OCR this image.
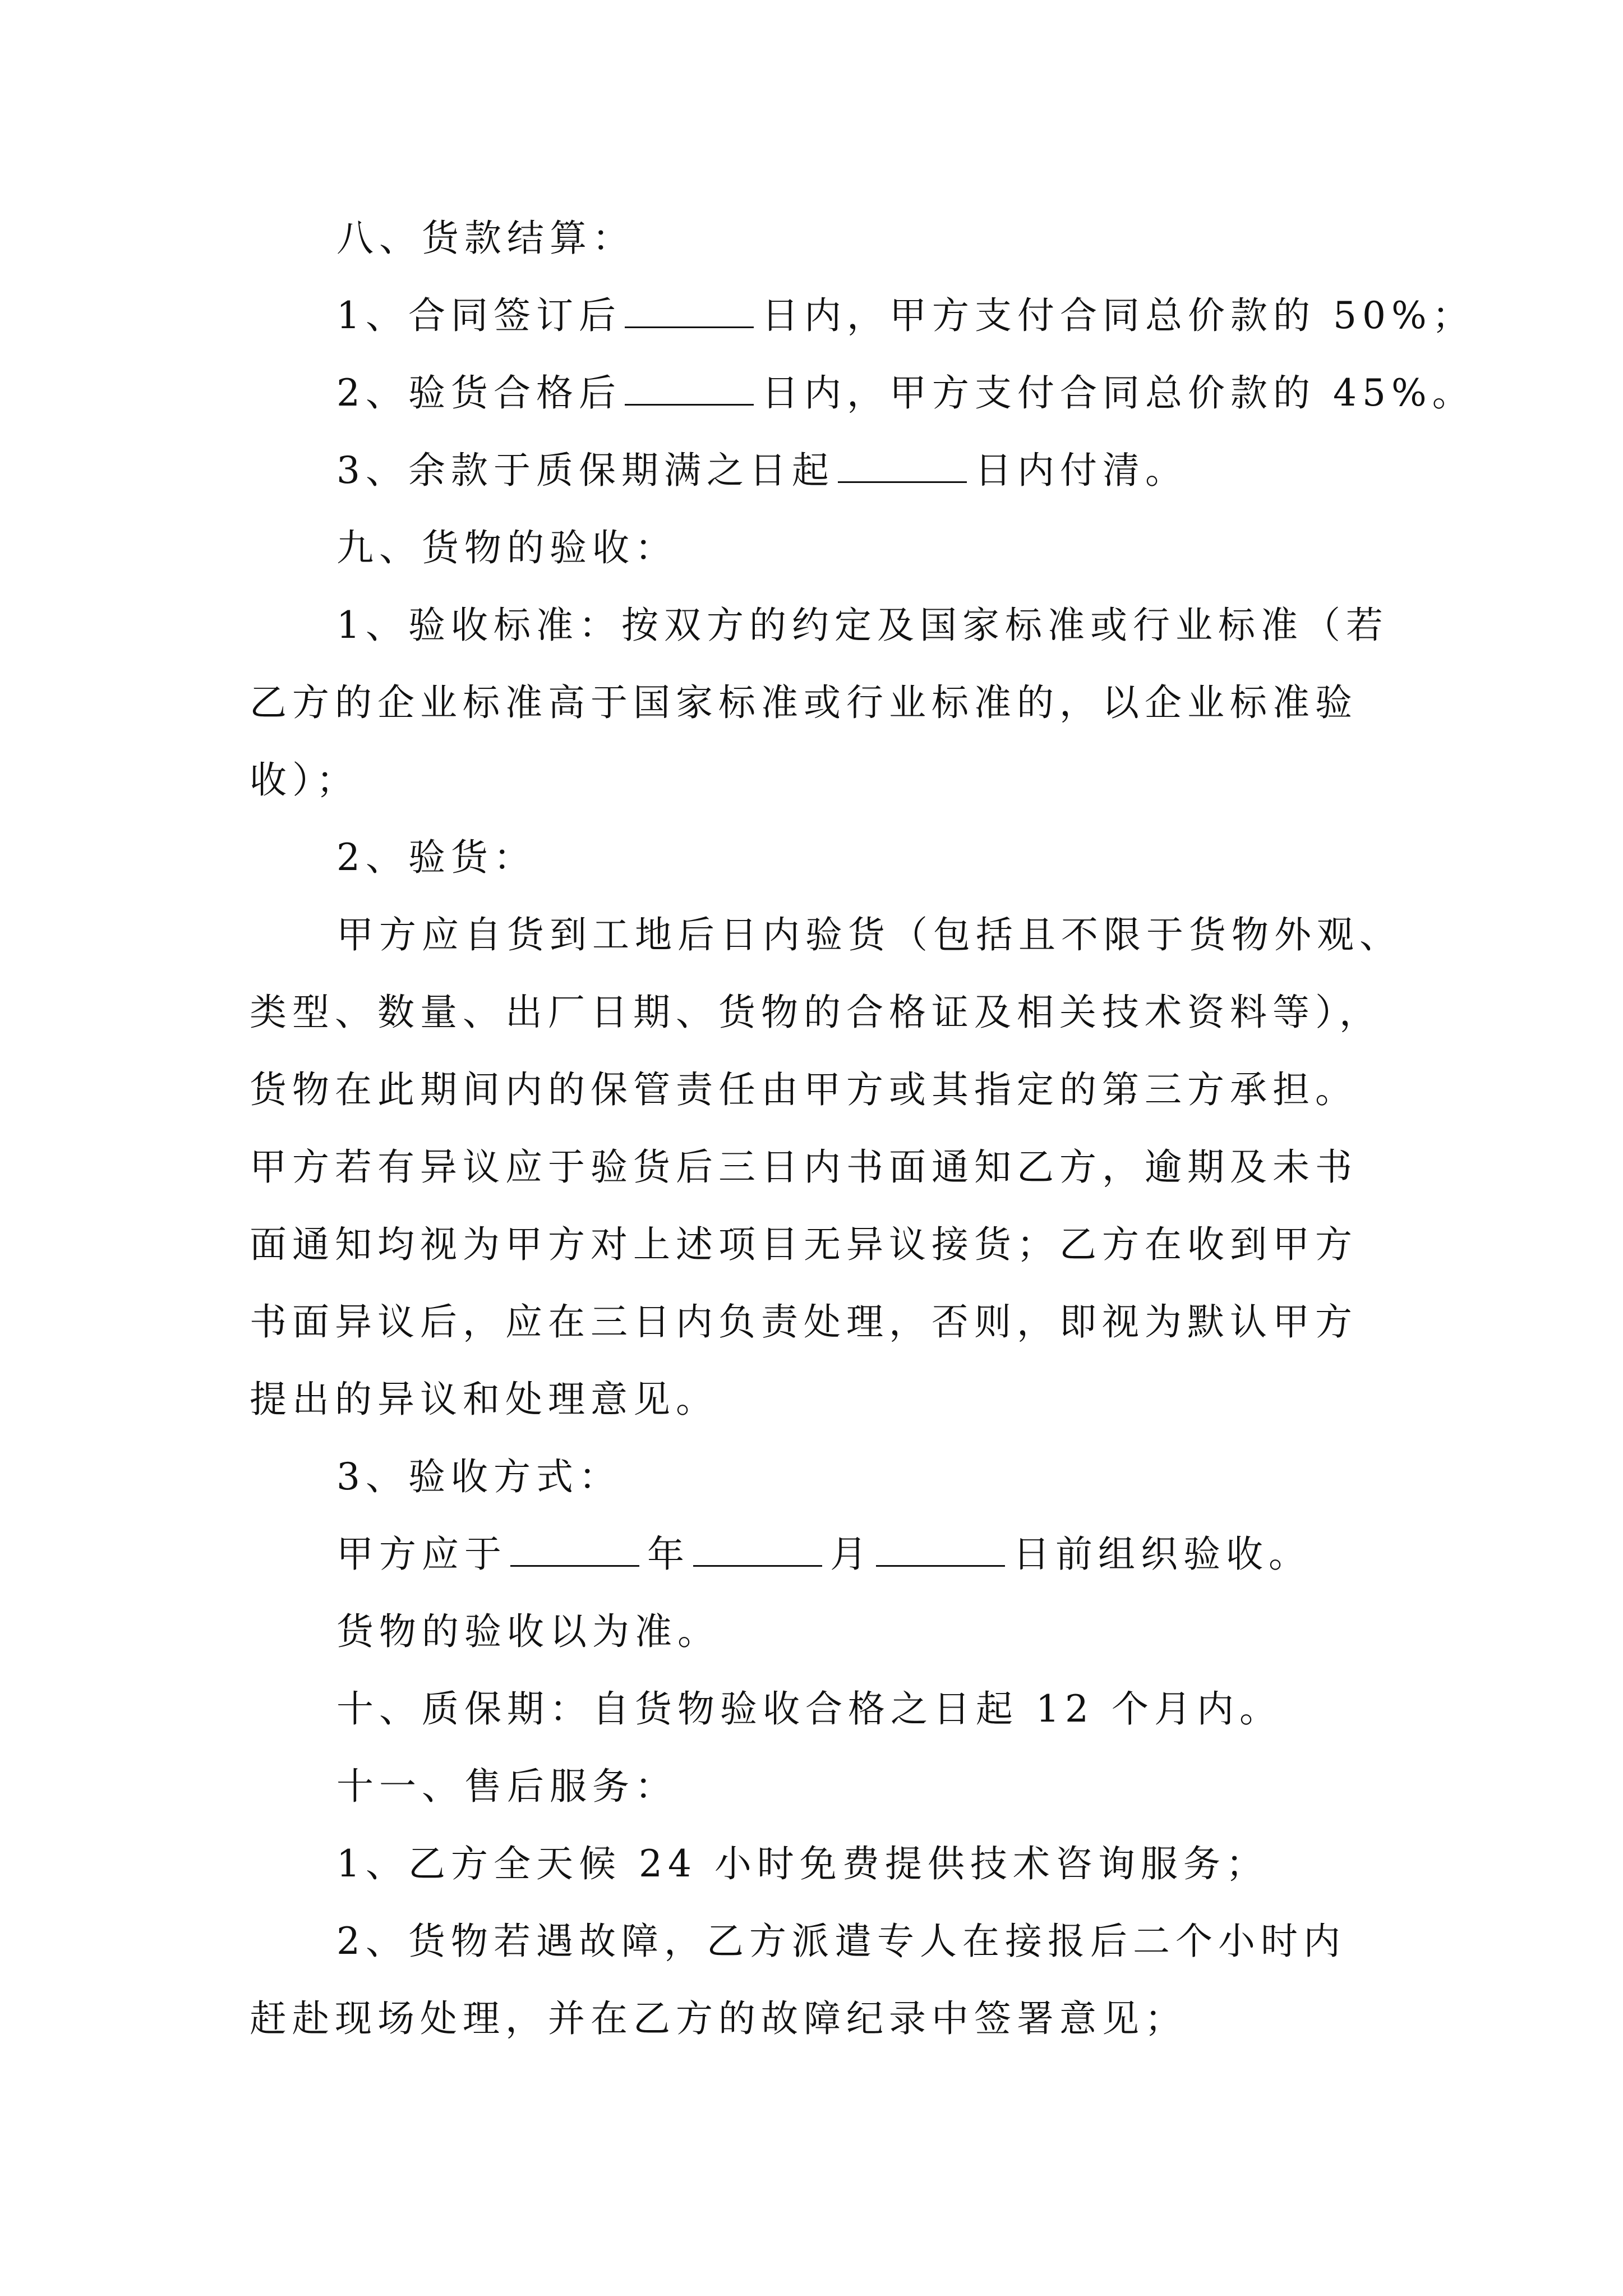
八、货款结算：
1、合同签订后	日内，甲方支付合同总价款的 50%；
2、验货合格后	日内，甲方支付合同总价款的 45%。
3、余款于质保期满之日起	日内付清。
九、货物的验收：
1、验收标准：按双方的约定及国家标准或行业标准（若
乙方的企业标准高于国家标准或行业标准的，以企业标准验
收）；
2、验货：
甲方应自货到工地后日内验货（包括且不限于货物外观、
类型、数量、出厂日期、货物的合格证及相关技术资料等），
货物在此期间内的保管责任由甲方或其指定的第三方承担。
甲方若有异议应于验货后三日内书面通知乙方，逾期及未书
面通知均视为甲方对上述项目无异议接货；乙方在收到甲方
书面异议后，应在三日内负责处理，否则，即视为默认甲方
提出的异议和处理意见。
3、验收方式：
甲方应于	年	月	日前组织验收。
货物的验收以为准。
十、质保期：自货物验收合格之日起 12 个月内。
十一、售后服务：
1、乙方全天候 24 小时免费提供技术咨询服务；
2、货物若遇故障，乙方派遣专人在接报后二个小时内
赶赴现场处理，并在乙方的故障纪录中签署意见；
